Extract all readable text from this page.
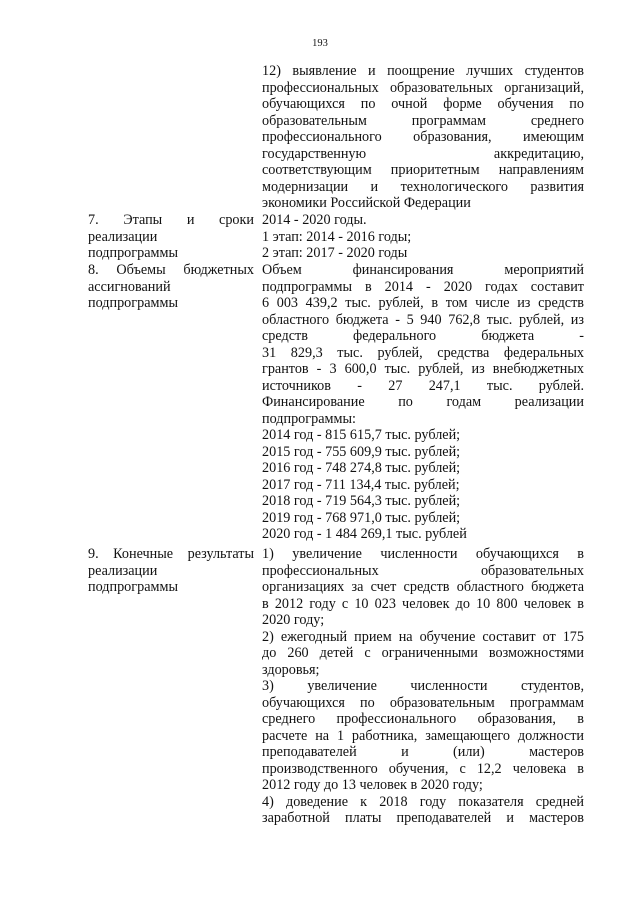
193
12) выявление и поощрение лучших студентов
профессиональных образовательных организаций,
обучающихся по очной форме обучения по
образовательным программам среднего
профессионального образования, имеющим
государственную аккредитацию,
соответствующим приоритетным направлениям
модернизации и технологического развития
экономики Российской Федерации
7. Этапы и сроки
реализации
подпрограммы
2014 - 2020 годы.
1 этап: 2014 - 2016 годы;
2 этап: 2017 - 2020 годы
8. Объемы бюджетных
ассигнований
подпрограммы
Объем финансирования мероприятий
подпрограммы в 2014 - 2020 годах составит
6 003 439,2 тыс. рублей, в том числе из средств
областного бюджета - 5 940 762,8 тыс. рублей, из
средств федерального бюджета -
31 829,3 тыс. рублей, средства федеральных
грантов - 3 600,0 тыс. рублей, из внебюджетных
источников - 27 247,1 тыс. рублей.
Финансирование по годам реализации
подпрограммы:
2014 год - 815 615,7 тыс. рублей;
2015 год - 755 609,9 тыс. рублей;
2016 год - 748 274,8 тыс. рублей;
2017 год - 711 134,4 тыс. рублей;
2018 год - 719 564,3 тыс. рублей;
2019 год - 768 971,0 тыс. рублей;
2020 год - 1 484 269,1 тыс. рублей
9. Конечные результаты
реализации
подпрограммы
1) увеличение численности обучающихся в
профессиональных образовательных
организациях за счет средств областного бюджета
в 2012 году с 10 023 человек до 10 800 человек в
2020 году;
2) ежегодный прием на обучение составит от 175
до 260 детей с ограниченными возможностями
здоровья;
3) увеличение численности студентов,
обучающихся по образовательным программам
среднего профессионального образования, в
расчете на 1 работника, замещающего должности
преподавателей и (или) мастеров
производственного обучения, с 12,2 человека в
2012 году до 13 человек в 2020 году;
4) доведение к 2018 году показателя средней
заработной платы преподавателей и мастеров
